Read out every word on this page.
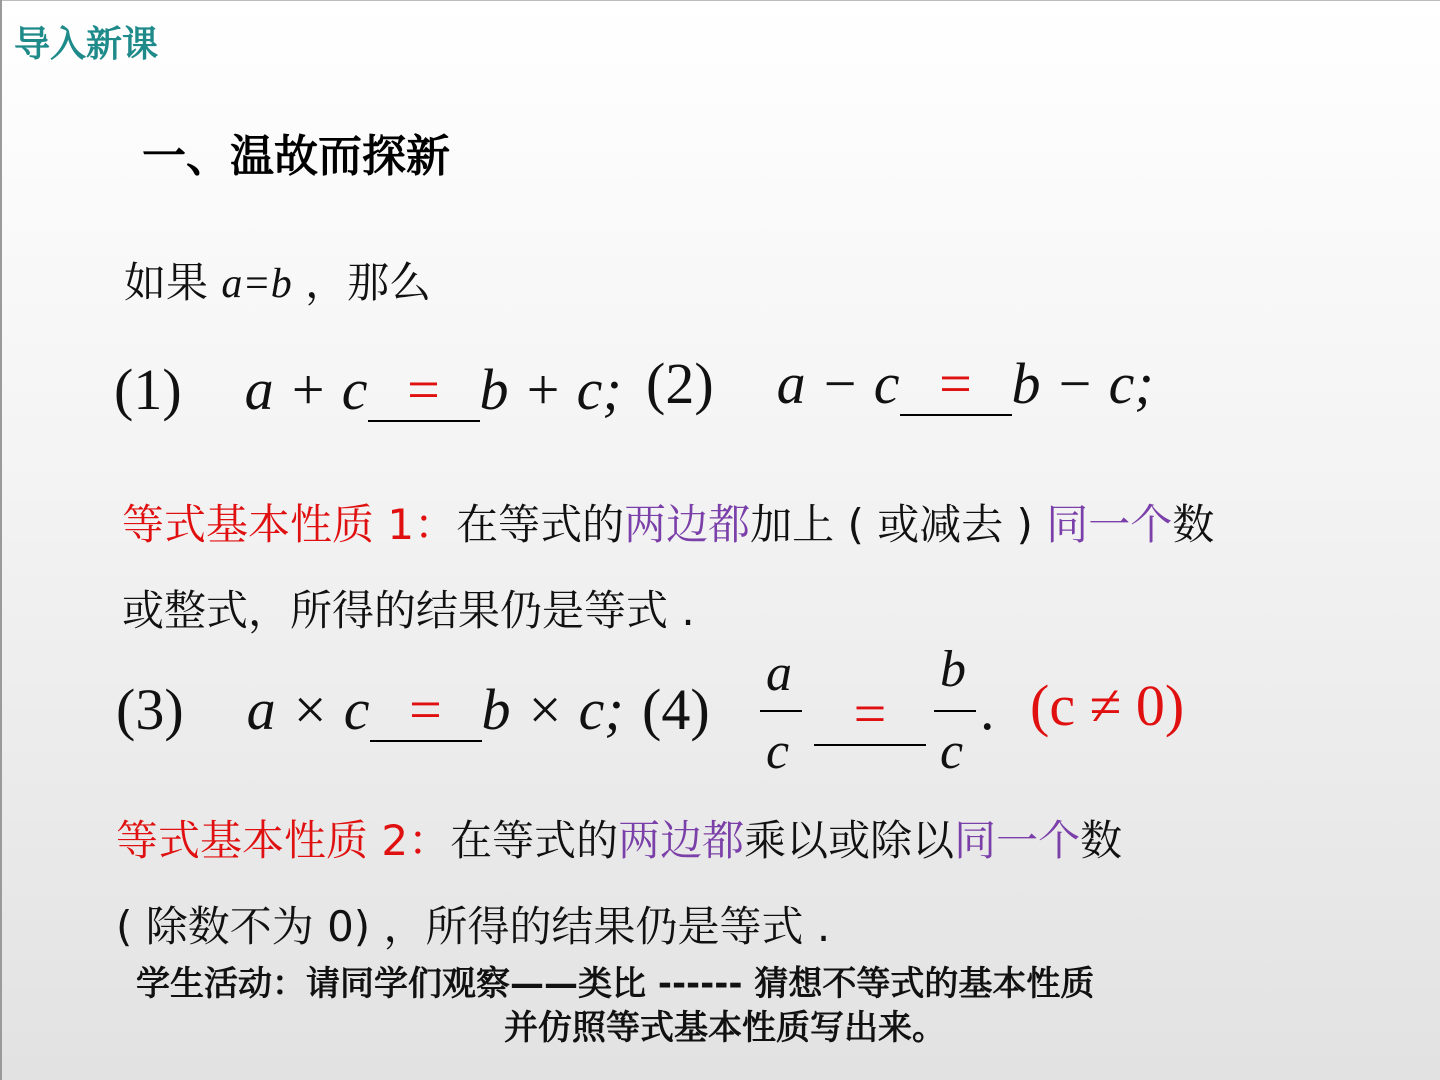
导入新课
一、温故而探新
如果 a=b ，那么
(1) a + c = b + c; (2) a − c = b − c;
等式基本性质 1：在等式的两边都加上 ( 或减去 ) 同一个数
或整式，所得的结果仍是等式 .
(3) a × c = b × c; (4)
a
c
=
b
c
. (c ≠ 0)
等式基本性质 2：在等式的两边都乘以或除以同一个数
( 除数不为 0) ，所得的结果仍是等式 .
学生活动：请同学们观察——类比 ------ 猜想不等式的基本性质
并仿照等式基本性质写出来。
